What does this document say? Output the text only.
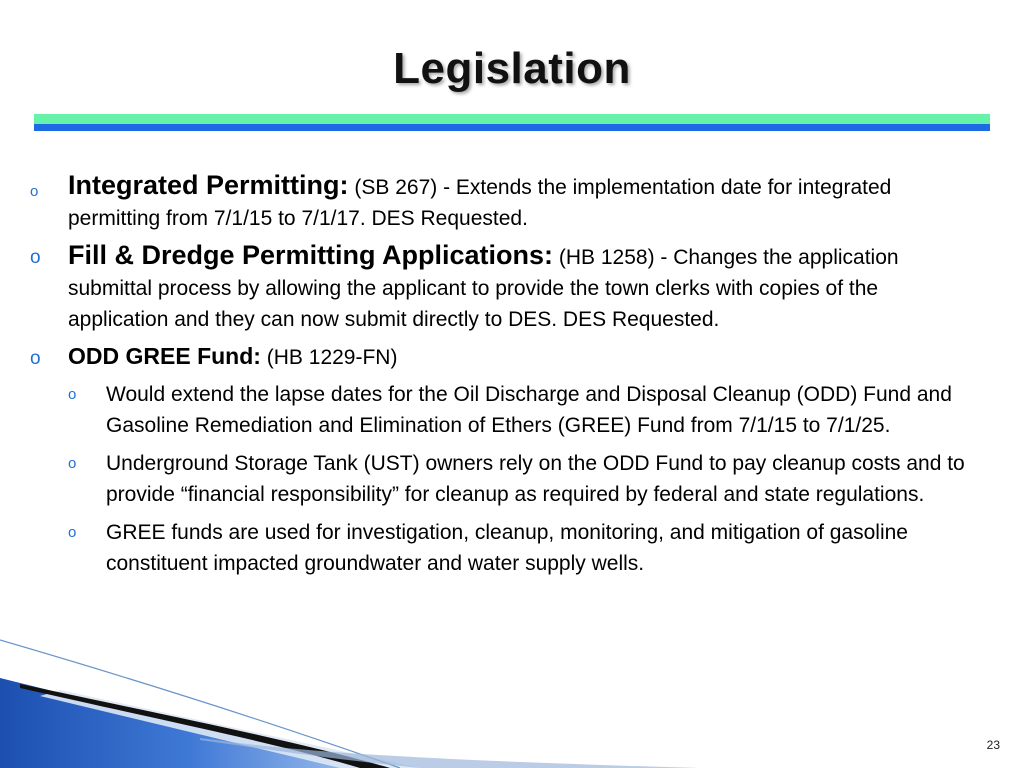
Legislation
o Integrated Permitting: (SB 267) - Extends the implementation date for integrated permitting from 7/1/15 to 7/1/17. DES Requested.
o Fill & Dredge Permitting Applications: (HB 1258) - Changes the application submittal process by allowing the applicant to provide the town clerks with copies of the application and they can now submit directly to DES. DES Requested.
o ODD GREE Fund: (HB 1229-FN)
o Would extend the lapse dates for the Oil Discharge and Disposal Cleanup (ODD) Fund and Gasoline Remediation and Elimination of Ethers (GREE) Fund from 7/1/15 to 7/1/25.
o Underground Storage Tank (UST) owners rely on the ODD Fund to pay cleanup costs and to provide “financial responsibility” for cleanup as required by federal and state regulations.
o GREE funds are used for investigation, cleanup, monitoring, and mitigation of gasoline constituent impacted groundwater and water supply wells.
23
